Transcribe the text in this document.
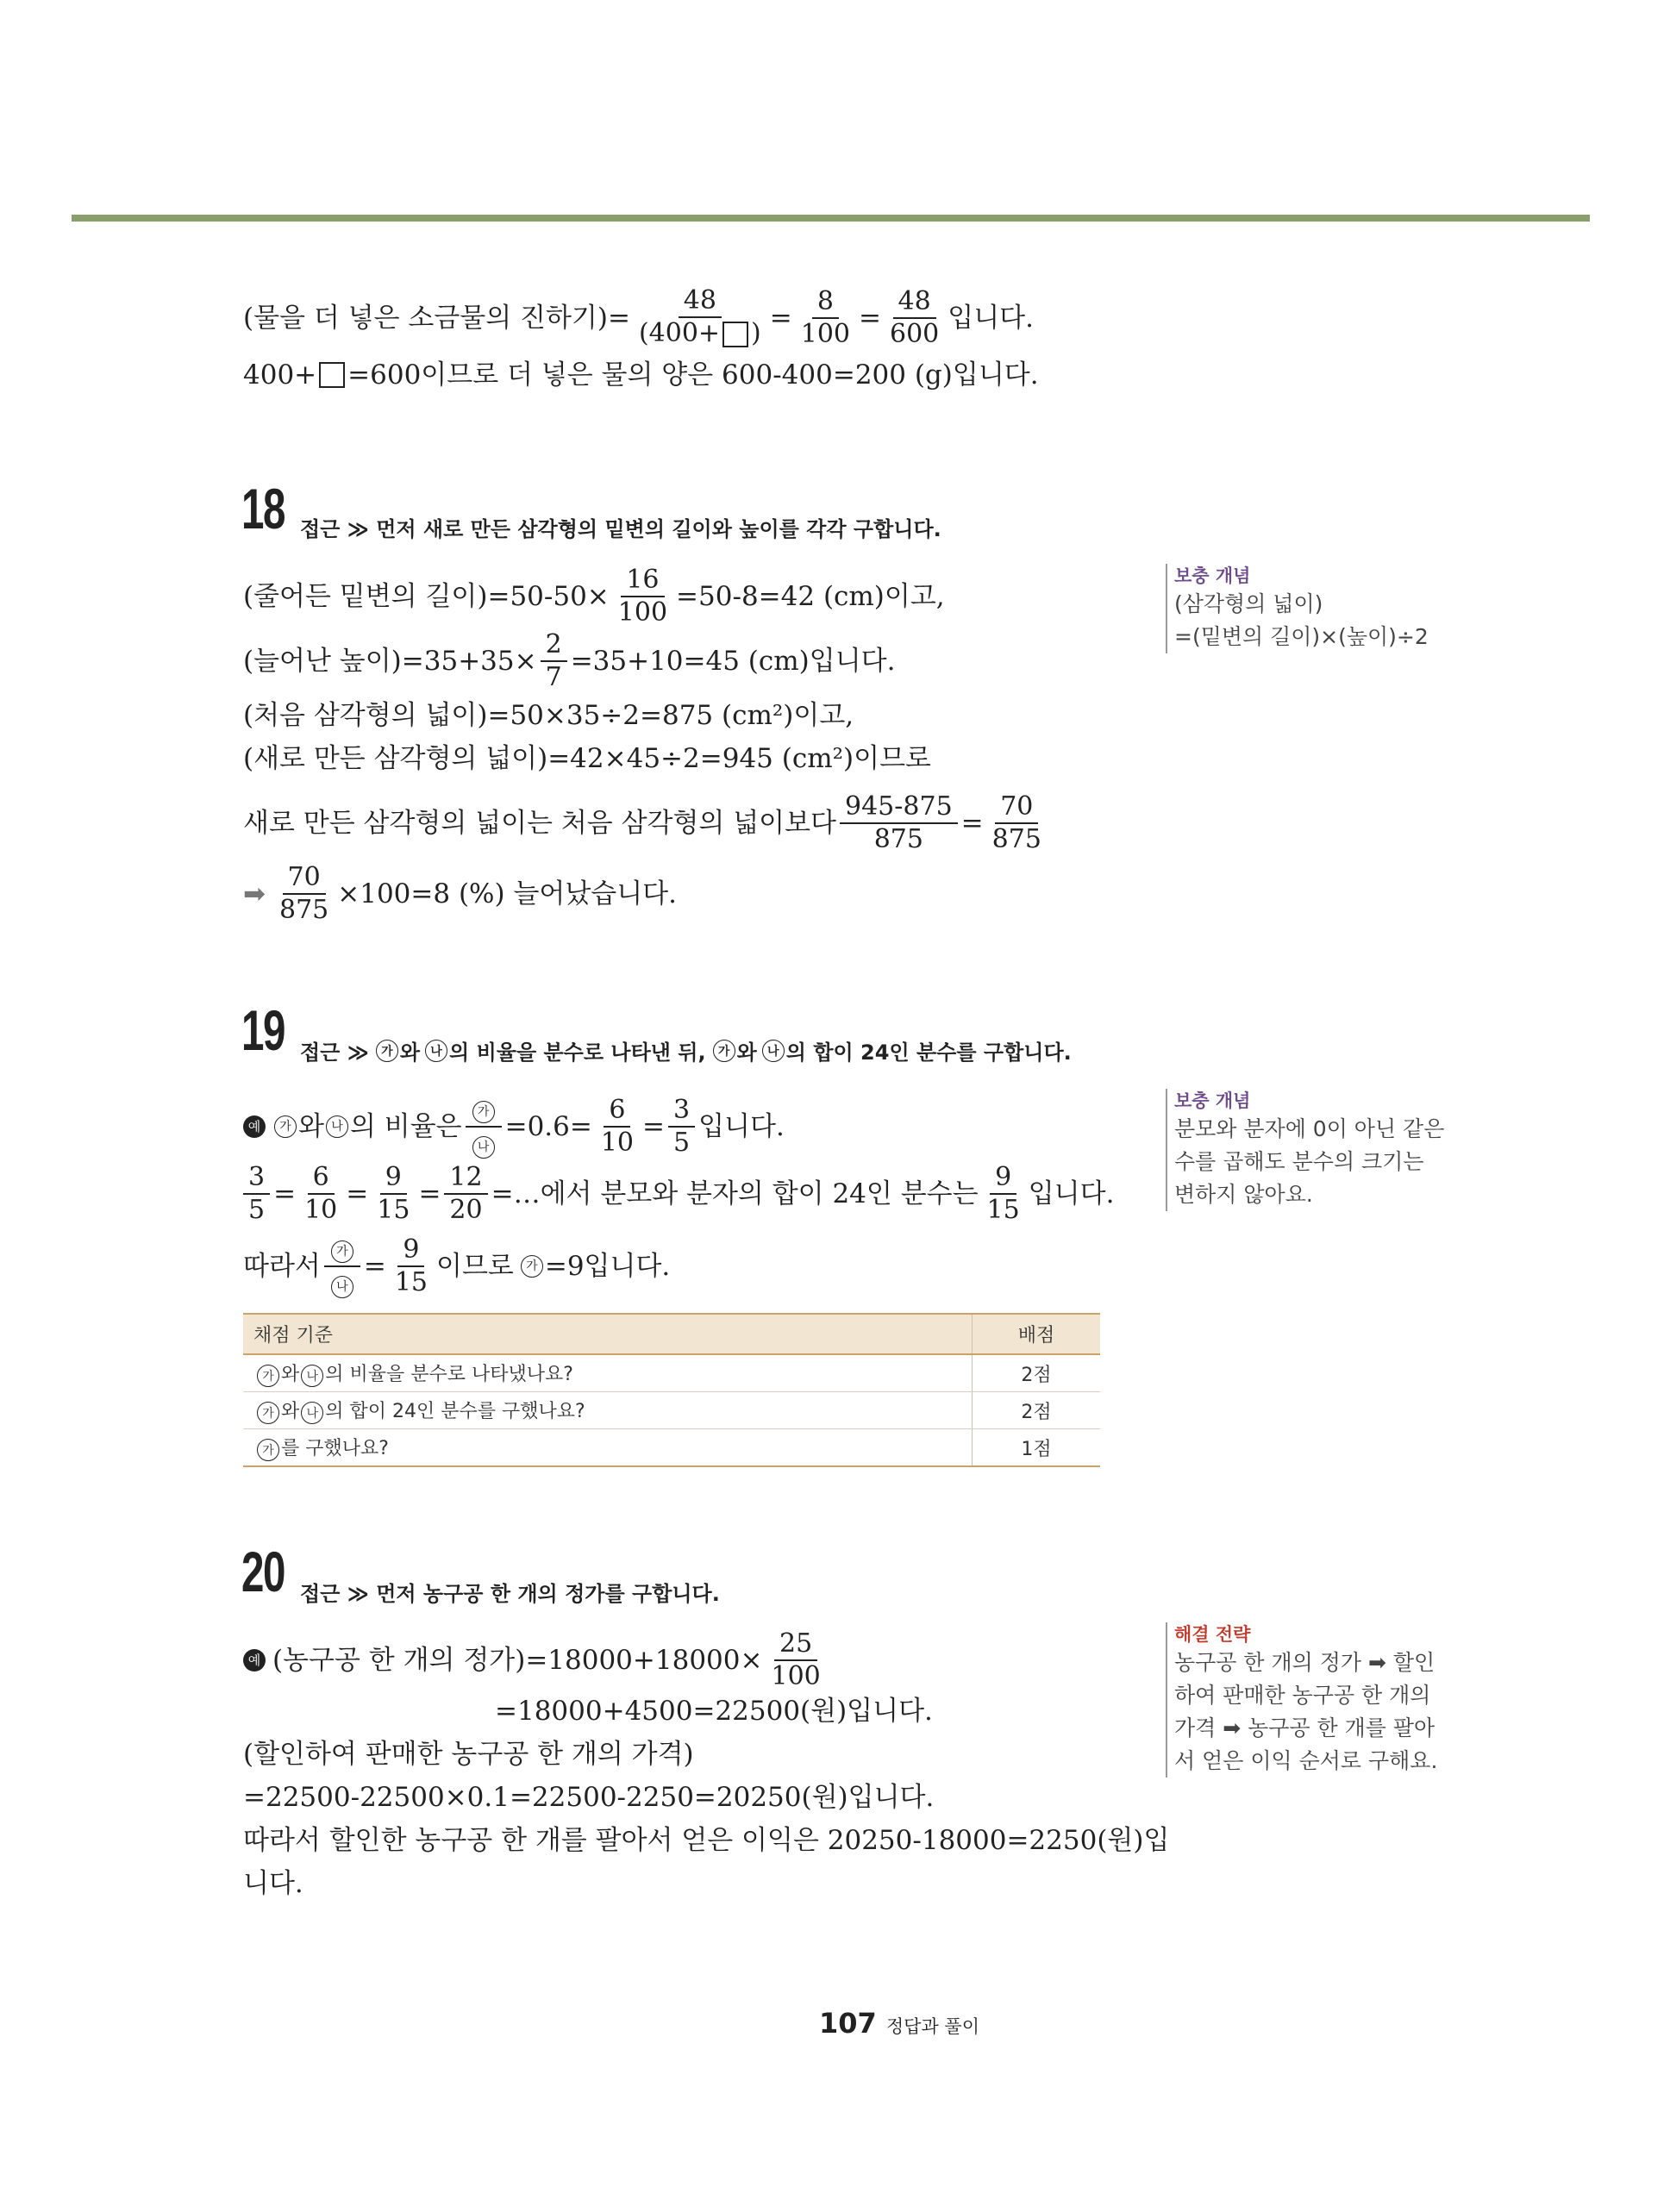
(물을 더 넣은 소금물의 진하기)= $\frac{48}{(400+ )} = \frac{8}{100} = \frac{48}{600}$ 입니다.
400+ =600이므로 더 넣은 물의 양은 600-400=200 (g)입니다.
18 접근 ≫ 먼저 새로 만든 삼각형의 밑변의 길이와 높이를 각각 구합니다.
(줄어든 밑변의 길이)$=50-50\times \frac{16}{100} =50-8=42$ (cm)이고,
(늘어난 높이)$=35+35\times \frac{2}{7} =35+10=45$ (cm)입니다.
(처음 삼각형의 넓이)=50×35÷2=875 (cm²)이고,
(새로 만든 삼각형의 넓이)=42×45÷2=945 (cm²)이므로
새로 만든 삼각형의 넓이는 처음 삼각형의 넓이보다 $\frac{945-875}{875} = \frac{70}{875}$
➡ $\frac{70}{875} \times 100=8$ (%) 늘어났습니다.
보충 개념
(삼각형의 넓이)
=(밑변의 길이)×(높이)÷2
19 접근 ≫	가 와 나 의 비율을 분수로 나타낸 뒤,	가 와 나 의 합이 24인 분수를 구합니다.
예	가 와 나 의 비율은 $\frac{\text{가}}{\text{나}} =0.6= \frac{6}{10} = \frac{3}{5}$ 입니다.
$\frac{3}{5} = \frac{6}{10} = \frac{9}{15} = \frac{12}{20}$ =…에서 분모와 분자의 합이 24인 분수는 $\frac{9}{15}$ 입니다.
따라서 $\frac{\text{가}}{\text{나}} = \frac{9}{15}$ 이므로	가 =9입니다.
채점 기준	배점
가 와 나 의 비율을 분수로 나타냈나요?	2점
가 와 나 의 합이 24인 분수를 구했나요?	2점
가 를 구했나요?	1점
보충 개념
분모와 분자에 0이 아닌 같은
수를 곱해도 분수의 크기는
변하지 않아요.
20 접근 ≫ 먼저 농구공 한 개의 정가를 구합니다.
예 (농구공 한 개의 정가)$=18000+18000\times \frac{25}{100}$
=18000+4500=22500(원)입니다.
(할인하여 판매한 농구공 한 개의 가격)
=22500-22500×0.1=22500-2250=20250(원)입니다.
따라서 할인한 농구공 한 개를 팔아서 얻은 이익은 20250-18000=2250(원)입
니다.
해결 전략
농구공 한 개의 정가 ➡ 할인
하여 판매한 농구공 한 개의
가격 ➡ 농구공 한 개를 팔아
서 얻은 이익 순서로 구해요.
107 정답과 풀이
